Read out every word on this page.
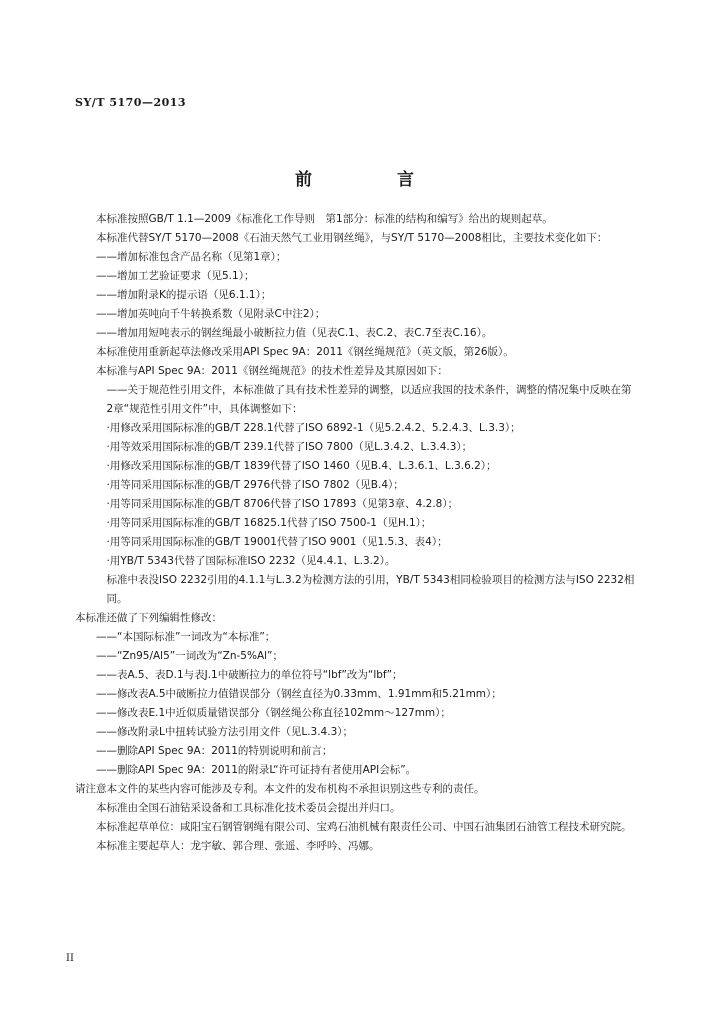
SY/T 5170—2013
前　言

本标准按照GB/T 1.1—2009《标准化工作导则　第1部分：标准的结构和编写》给出的规则起草。

本标准代替SY/T 5170—2008《石油天然气工业用钢丝绳》，与SY/T 5170—2008相比，主要技术变化如下：

——增加标准包含产品名称（见第1章）；

——增加工艺验证要求（见5.1）；

——增加附录K的提示语（见6.1.1）；

——增加英吨向千牛转换系数（见附录C中注2）；

——增加用短吨表示的钢丝绳最小破断拉力值（见表C.1、表C.2、表C.7至表C.16）。

本标准使用重新起草法修改采用API Spec 9A：2011《钢丝绳规范》（英文版，第26版）。

本标准与API Spec 9A：2011《钢丝绳规范》的技术性差异及其原因如下：

——关于规范性引用文件，本标准做了具有技术性差异的调整，以适应我国的技术条件，调整的情况集中反映在第2章“规范性引用文件”中，具体调整如下：

·用修改采用国际标准的GB/T 228.1代替了ISO 6892-1（见5.2.4.2、5.2.4.3、L.3.3）；

·用等效采用国际标准的GB/T 239.1代替了ISO 7800（见L.3.4.2、L.3.4.3）；

·用修改采用国际标准的GB/T 1839代替了ISO 1460（见B.4、L.3.6.1、L.3.6.2）；

·用等同采用国际标准的GB/T 2976代替了ISO 7802（见B.4）；

·用等同采用国际标准的GB/T 8706代替了ISO 17893（见第3章、4.2.8）；

·用等同采用国际标准的GB/T 16825.1代替了ISO 7500-1（见H.1）；

·用等同采用国际标准的GB/T 19001代替了ISO 9001（见1.5.3、表4）；

·用YB/T 5343代替了国际标准ISO 2232（见4.4.1、L.3.2）。

标准中表没ISO 2232引用的4.1.1与L.3.2为检测方法的引用，YB/T 5343相同检验项目的检测方法与ISO 2232相同。

本标准还做了下列编辑性修改：

——“本国际标准”一词改为“本标准”；

——“Zn95/Al5”一词改为“Zn-5%Al”；

——表A.5、表D.1与表J.1中破断拉力的单位符号“lbf”改为“lbf”；

——修改表A.5中破断拉力值错误部分（钢丝直径为0.33mm、1.91mm和5.21mm）；

——修改表E.1中近似质量错误部分（钢丝绳公称直径102mm～127mm）；

——修改附录L中扭转试验方法引用文件（见L.3.4.3）；

——删除API Spec 9A：2011的特别说明和前言；

——删除API Spec 9A：2011的附录L“许可证持有者使用API会标”。

请注意本文件的某些内容可能涉及专利。本文件的发布机构不承担识别这些专利的责任。

本标准由全国石油钻采设备和工具标准化技术委员会提出并归口。

本标准起草单位：咸阳宝石钢管钢绳有限公司、宝鸡石油机械有限责任公司、中国石油集团石油管工程技术研究院。

本标准主要起草人：龙宇敏、郭合理、张遥、李呼吟、冯娜。

II
